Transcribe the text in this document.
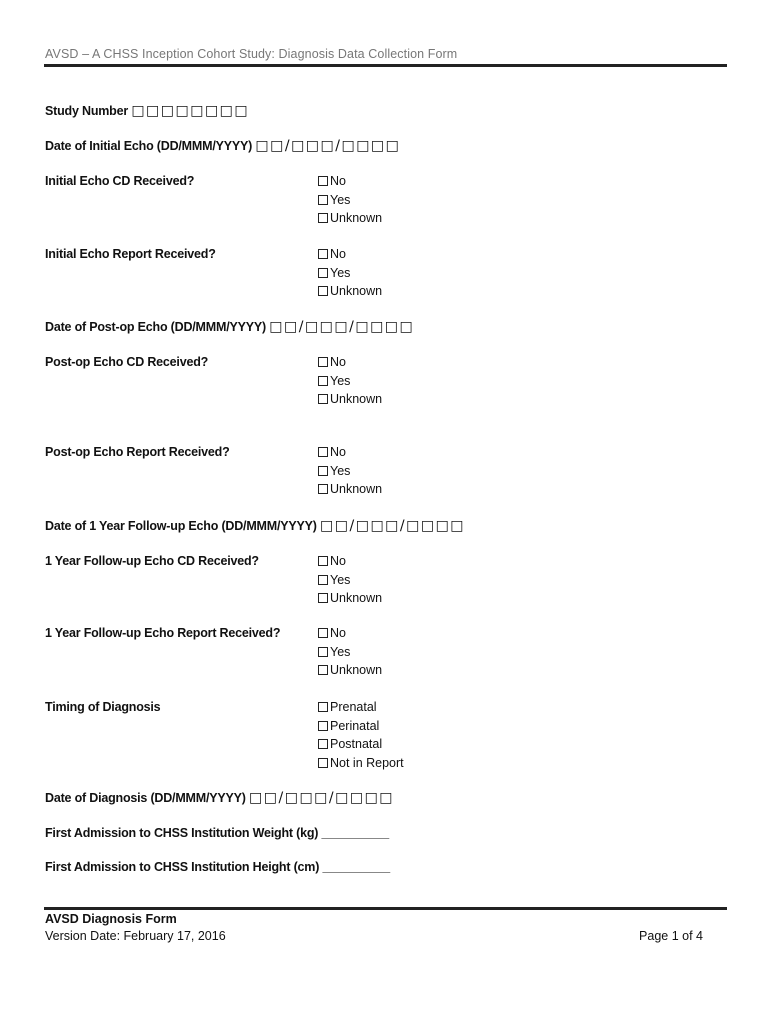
AVSD – A CHSS Inception Cohort Study: Diagnosis Data Collection Form
Study Number □□□□□□□□
Date of Initial Echo (DD/MMM/YYYY) □□/□□□/□□□□
Initial Echo CD Received?	No
Yes
Unknown
Initial Echo Report Received?	No
Yes
Unknown
Date of Post-op Echo (DD/MMM/YYYY) □□/□□□/□□□□
Post-op Echo CD Received?	No
Yes
Unknown
Post-op Echo Report Received?	No
Yes
Unknown
Date of 1 Year Follow-up Echo (DD/MMM/YYYY) □□/□□□/□□□□
1 Year Follow-up Echo CD Received?	No
Yes
Unknown
1 Year Follow-up Echo Report Received?	No
Yes
Unknown
Timing of Diagnosis	Prenatal
Perinatal
Postnatal
Not in Report
Date of Diagnosis (DD/MMM/YYYY) □□/□□□/□□□□
First Admission to CHSS Institution Weight (kg) __________
First Admission to CHSS Institution Height (cm) __________
AVSD Diagnosis Form
Version Date: February 17, 2016	Page 1 of 4
